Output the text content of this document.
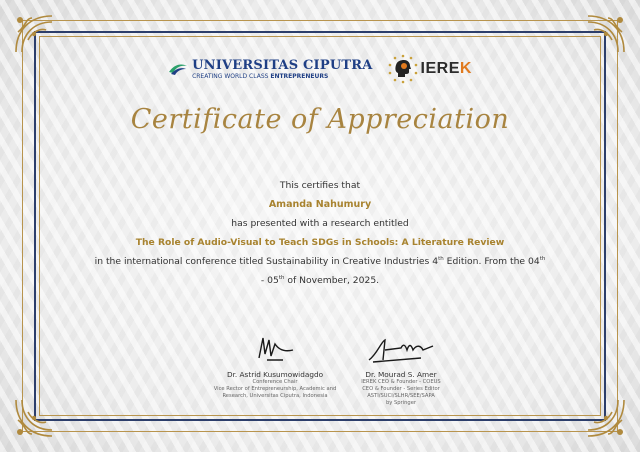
UNIVERSITAS CIPUTRA
CREATING WORLD CLASS ENTREPRENEURS	IEREK
Certificate of Appreciation
This certifies that
Amanda Nahumury
has presented with a research entitled
The Role of Audio-Visual to Teach SDGs in Schools: A Literature Review
in the international conference titled Sustainability in Creative Industries 4th Edition. From the 04th
- 05th of November, 2025.
Dr. Astrid Kusumowidagdo
Conference Chair
Vice Rector of Entrepreneurship, Academic and
Research, Universitas Ciputra, Indonesia
Dr. Mourad S. Amer
IEREK CEO & Founder - COEUS
CEO & Founder - Series Editor
ASTI/SUCI/SLHR/SEE/SAPA
by Springer
